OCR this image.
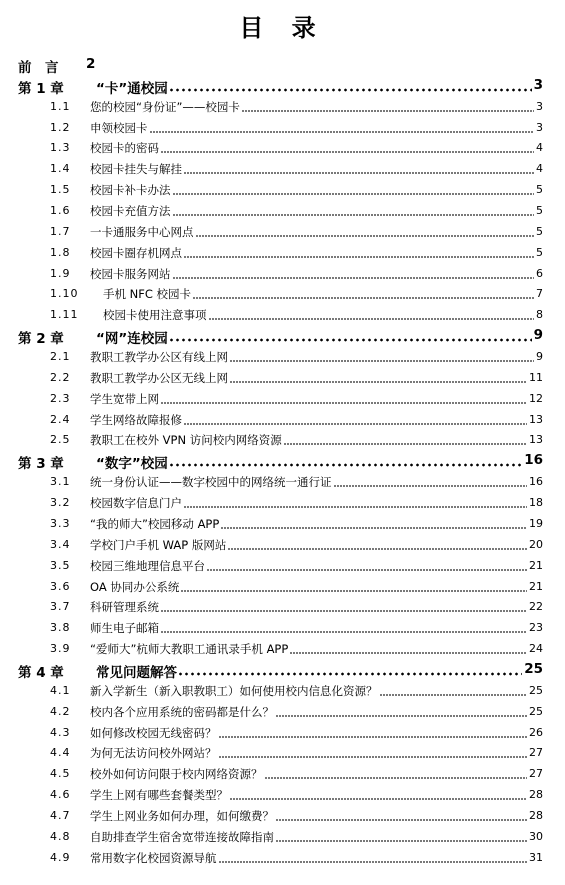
目 录
前　言 2
第 1 章 “卡”通校园	3
1.1 您的校园“身份证”——校园卡	3
1.2 申领校园卡	3
1.3 校园卡的密码	4
1.4 校园卡挂失与解挂	4
1.5 校园卡补卡办法	5
1.6 校园卡充值方法	5
1.7 一卡通服务中心网点	5
1.8 校园卡圈存机网点	5
1.9 校园卡服务网站	6
1.10 手机 NFC 校园卡	7
1.11 校园卡使用注意事项	8
第 2 章 “网”连校园	9
2.1 教职工教学办公区有线上网	9
2.2 教职工教学办公区无线上网	11
2.3 学生宽带上网	12
2.4 学生网络故障报修	13
2.5 教职工在校外 VPN 访问校内网络资源	13
第 3 章 “数字”校园	16
3.1 统一身份认证——数字校园中的网络统一通行证	16
3.2 校园数字信息门户	18
3.3 “我的师大”校园移动 APP	19
3.4 学校门户手机 WAP 版网站	20
3.5 校园三维地理信息平台	21
3.6 OA 协同办公系统	21
3.7 科研管理系统	22
3.8 师生电子邮箱	23
3.9 “爱师大”杭师大教职工通讯录手机 APP	24
第 4 章 常见问题解答	25
4.1 新入学新生（新入职教职工）如何使用校内信息化资源？	25
4.2 校内各个应用系统的密码都是什么？	25
4.3 如何修改校园无线密码？	26
4.4 为何无法访问校外网站？	27
4.5 校外如何访问限于校内网络资源？	27
4.6 学生上网有哪些套餐类型？	28
4.7 学生上网业务如何办理，如何缴费？	28
4.8 自助排查学生宿舍宽带连接故障指南	30
4.9 常用数字化校园资源导航	31
